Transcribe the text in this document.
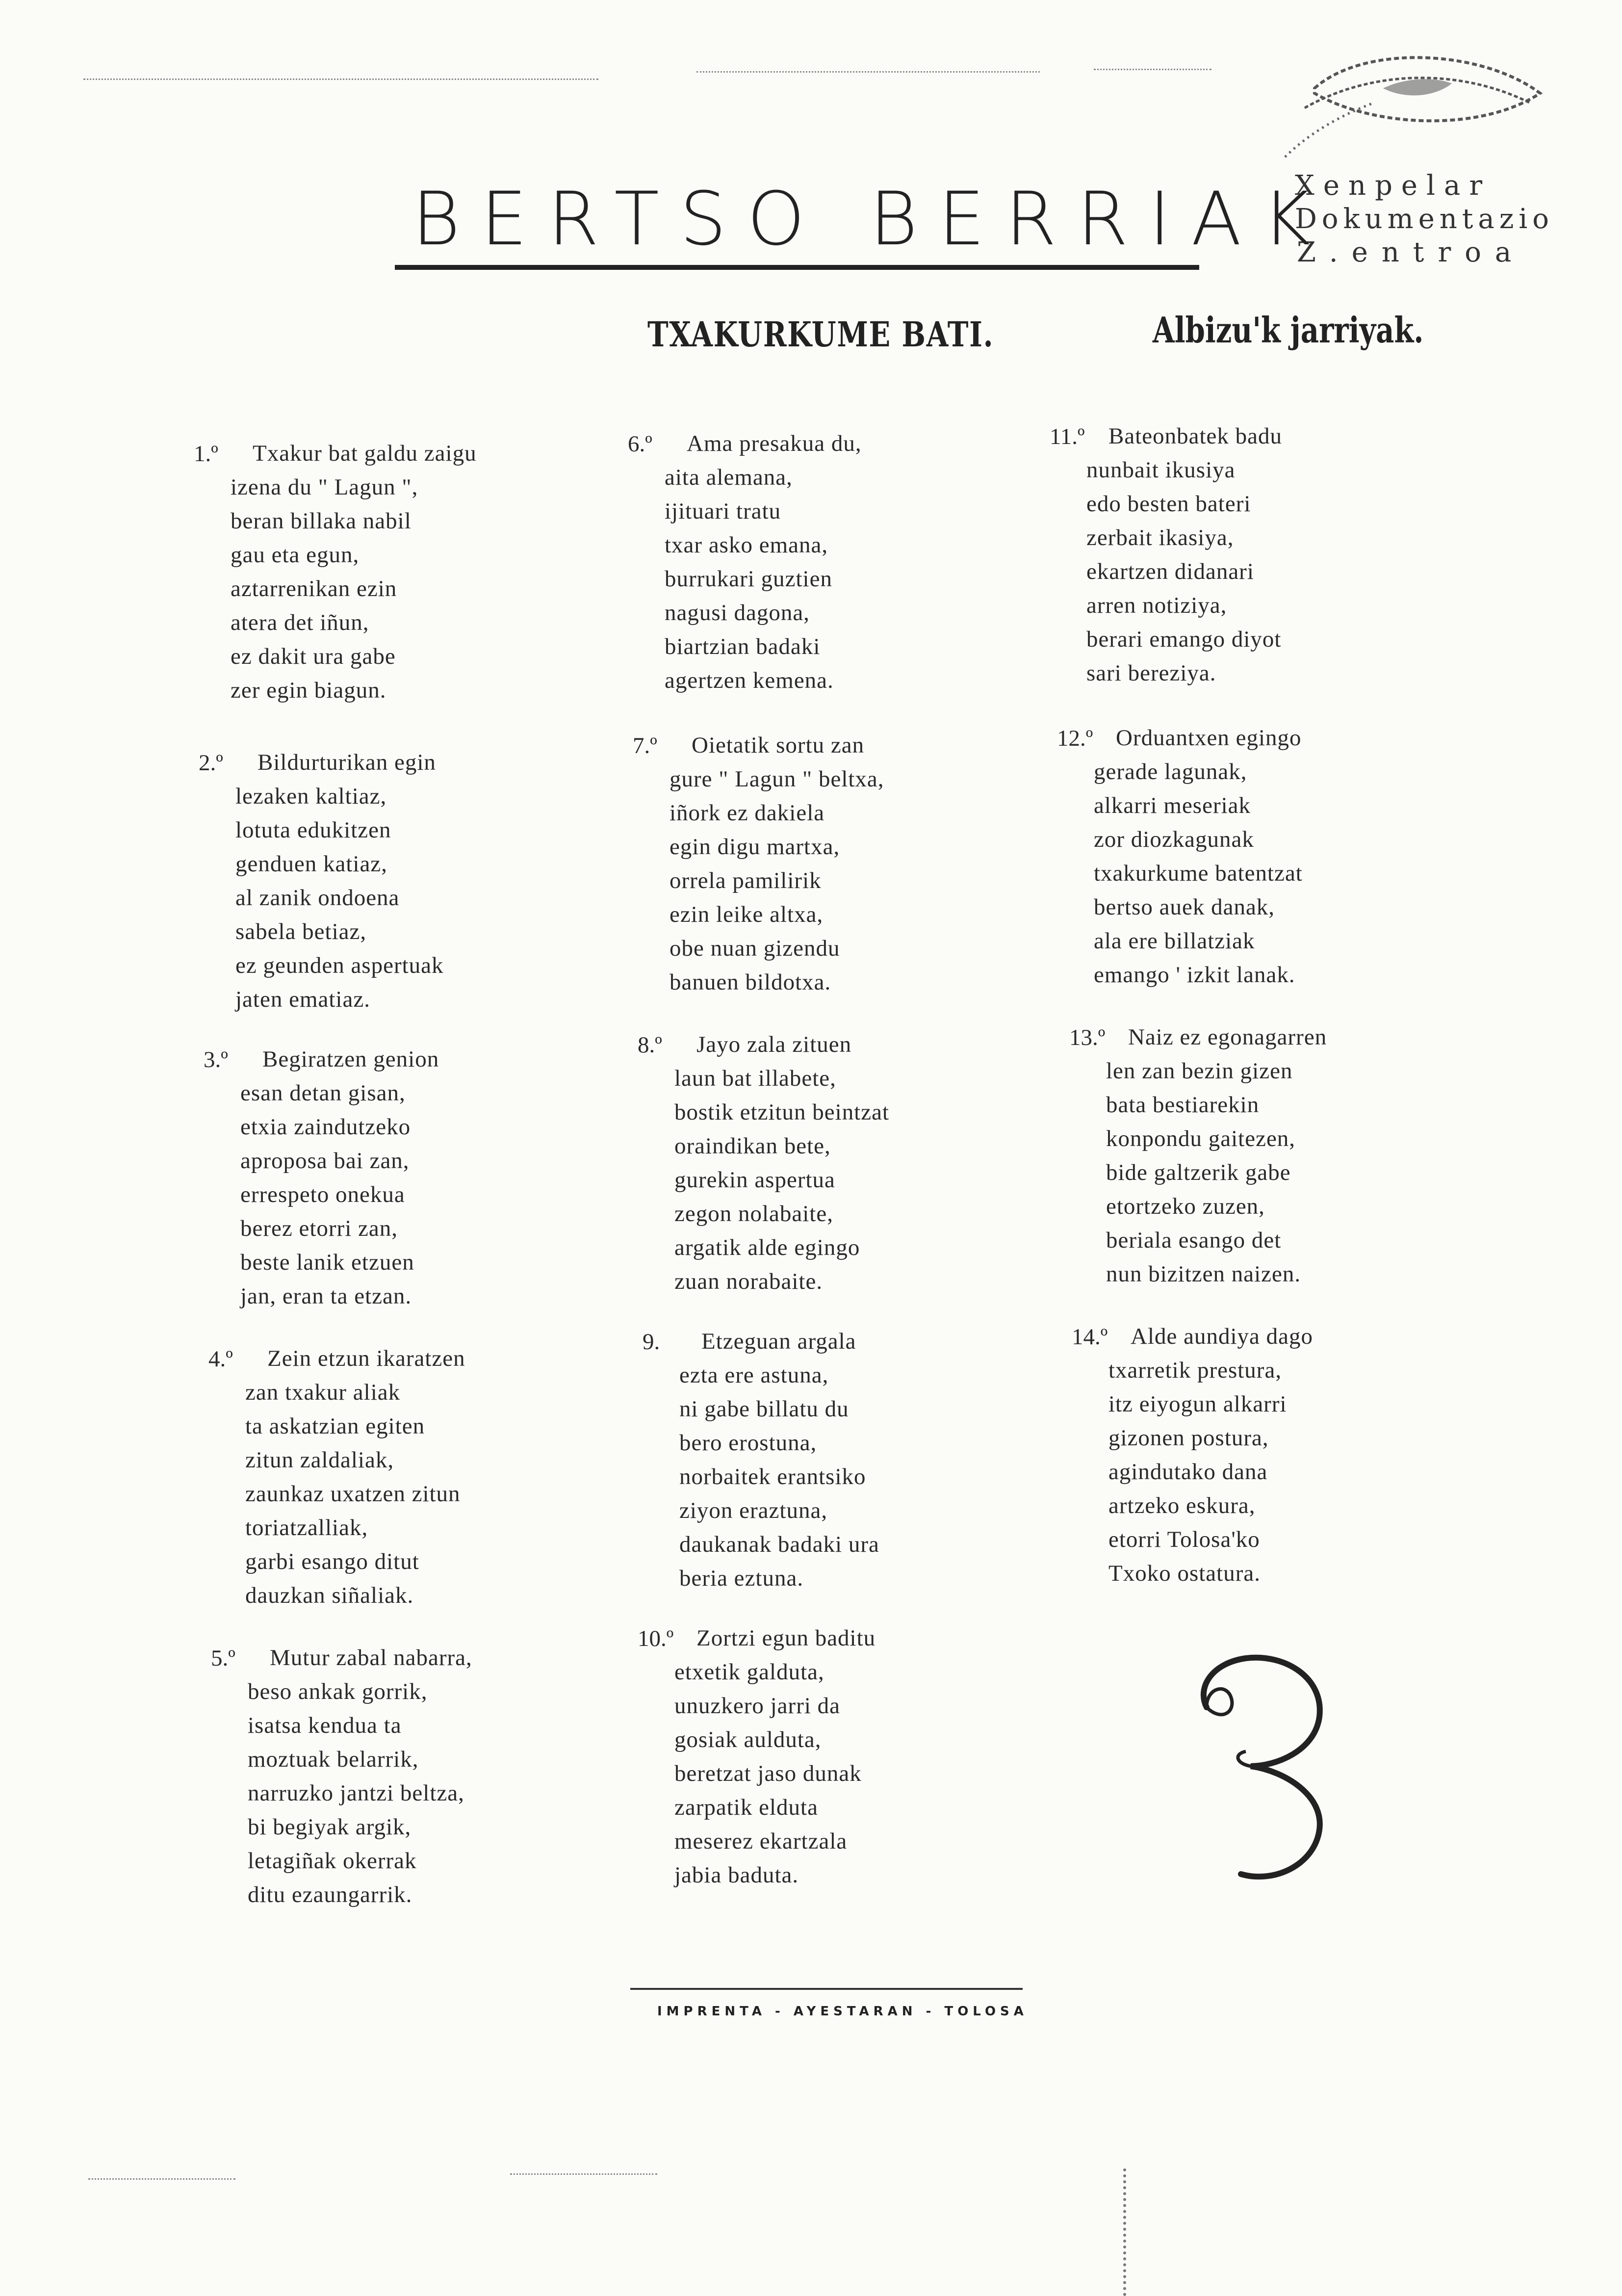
Xenpelar
Dokumentazio
Z.entroa
BERTSO BERRIAK
TXAKURKUME BATI.	Albizu'k jarriyak.
1.º	Txakur bat galdu zaigu
izena du " Lagun ",
beran billaka nabil
gau eta egun,
aztarrenikan ezin
atera det iñun,
ez dakit ura gabe
zer egin biagun.
2.º	Bildurturikan egin
lezaken kaltiaz,
lotuta edukitzen
genduen katiaz,
al zanik ondoena
sabela betiaz,
ez geunden aspertuak
jaten ematiaz.
3.º	Begiratzen genion
esan detan gisan,
etxia zaindutzeko
aproposa bai zan,
errespeto onekua
berez etorri zan,
beste lanik etzuen
jan, eran ta etzan.
4.º	Zein etzun ikaratzen
zan txakur aliak
ta askatzian egiten
zitun zaldaliak,
zaunkaz uxatzen zitun
toriatzalliak,
garbi esango ditut
dauzkan siñaliak.
5.º	Mutur zabal nabarra,
beso ankak gorrik,
isatsa kendua ta
moztuak belarrik,
narruzko jantzi beltza,
bi begiyak argik,
letagiñak okerrak
ditu ezaungarrik.
6.º	Ama presakua du,
aita alemana,
ijituari tratu
txar asko emana,
burrukari guztien
nagusi dagona,
biartzian badaki
agertzen kemena.
7.º	Oietatik sortu zan
gure " Lagun " beltxa,
iñork ez dakiela
egin digu martxa,
orrela pamilirik
ezin leike altxa,
obe nuan gizendu
banuen bildotxa.
8.º	Jayo zala zituen
laun bat illabete,
bostik etzitun beintzat
oraindikan bete,
gurekin aspertua
zegon nolabaite,
argatik alde egingo
zuan norabaite.
9.	Etzeguan argala
ezta ere astuna,
ni gabe billatu du
bero erostuna,
norbaitek erantsiko
ziyon eraztuna,
daukanak badaki ura
beria eztuna.
10.º Zortzi egun baditu
etxetik galduta,
unuzkero jarri da
gosiak aulduta,
beretzat jaso dunak
zarpatik elduta
meserez ekartzala
jabia baduta.
11.º	Bateonbatek badu
nunbait ikusiya
edo besten bateri
zerbait ikasiya,
ekartzen didanari
arren notiziya,
berari emango diyot
sari bereziya.
12.º Orduantxen egingo
gerade lagunak,
alkarri meseriak
zor diozkagunak
txakurkume batentzat
bertso auek danak,
ala ere billatziak
emango ' izkit lanak.
13.º Naiz ez egonagarren
len zan bezin gizen
bata bestiarekin
konpondu gaitezen,
bide galtzerik gabe
etortzeko zuzen,
beriala esango det
nun bizitzen naizen.
14.º Alde aundiya dago
txarretik prestura,
itz eiyogun alkarri
gizonen postura,
agindutako dana
artzeko eskura,
etorri Tolosa'ko
Txoko ostatura.
IMPRENTA - AYESTARAN - TOLOSA
